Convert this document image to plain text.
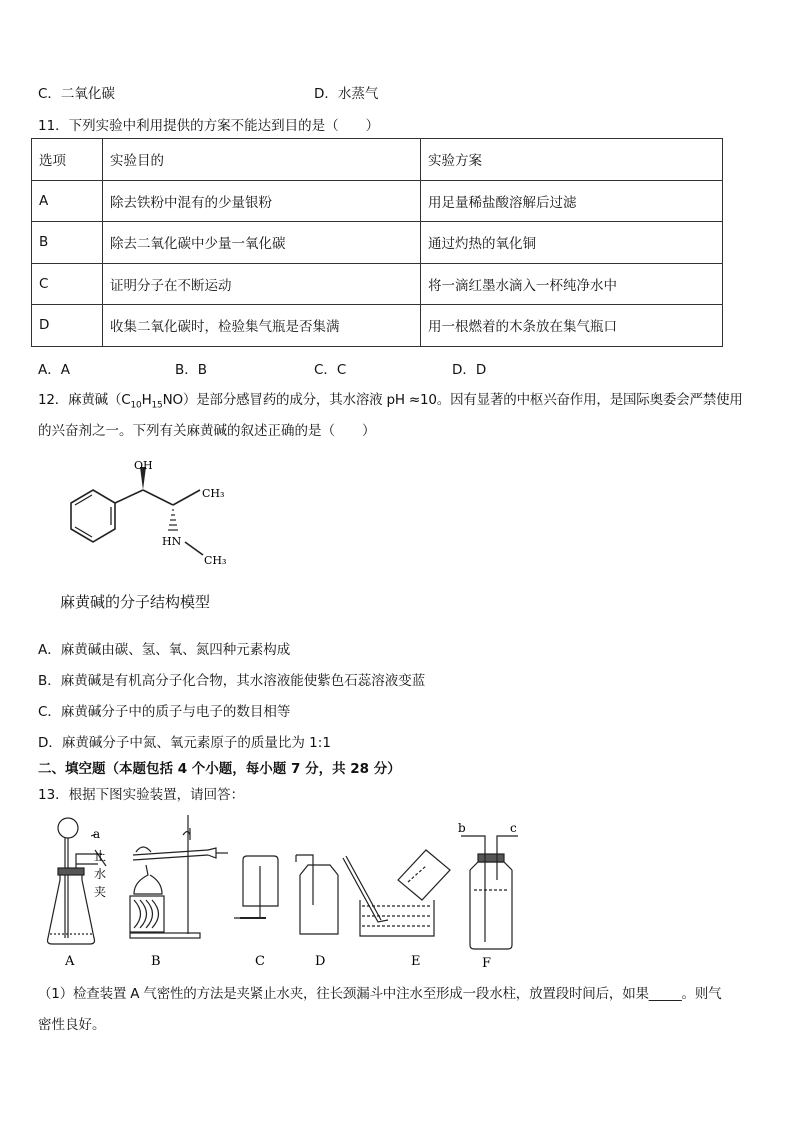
C．二氧化碳	D．水蒸气
11．下列实验中利用提供的方案不能达到目的是（　　）
选项	实验目的	实验方案
A	除去铁粉中混有的少量银粉	用足量稀盐酸溶解后过滤
B	除去二氧化碳中少量一氧化碳	通过灼热的氧化铜
C	证明分子在不断运动	将一滴红墨水滴入一杯纯净水中
D	收集二氧化碳时，检验集气瓶是否集满	用一根燃着的木条放在集气瓶口
A．A	B．B	C．C	D．D
12．麻黄碱$(C_{10}H_{15}NO)$是部分感冒药的成分，其水溶液 pH ≈10。因有显著的中枢兴奋作用，是国际奥委会严禁使用
的兴奋剂之一。下列有关麻黄碱的叙述正确的是（　　）
OH
CH₃
HN
CH₃
麻黄碱的分子结构模型
A．麻黄碱由碳、氢、氧、氮四种元素构成
B．麻黄碱是有机高分子化合物，其水溶液能使紫色石蕊溶液变蓝
C．麻黄碱分子中的质子与电子的数目相等
D．麻黄碱分子中氮、氧元素原子的质量比为 1:1
二、填空题（本题包括 4 个小题，每小题 7 分，共 28 分）
13．根据下图实验装置，请回答：
a
止
水
夹
b	c
A	B	C	D	E	F
（1）检查装置 A 气密性的方法是夹紧止水夹，往长颈漏斗中注水至形成一段水柱，放置段时间后，如果_____。则气
密性良好。
